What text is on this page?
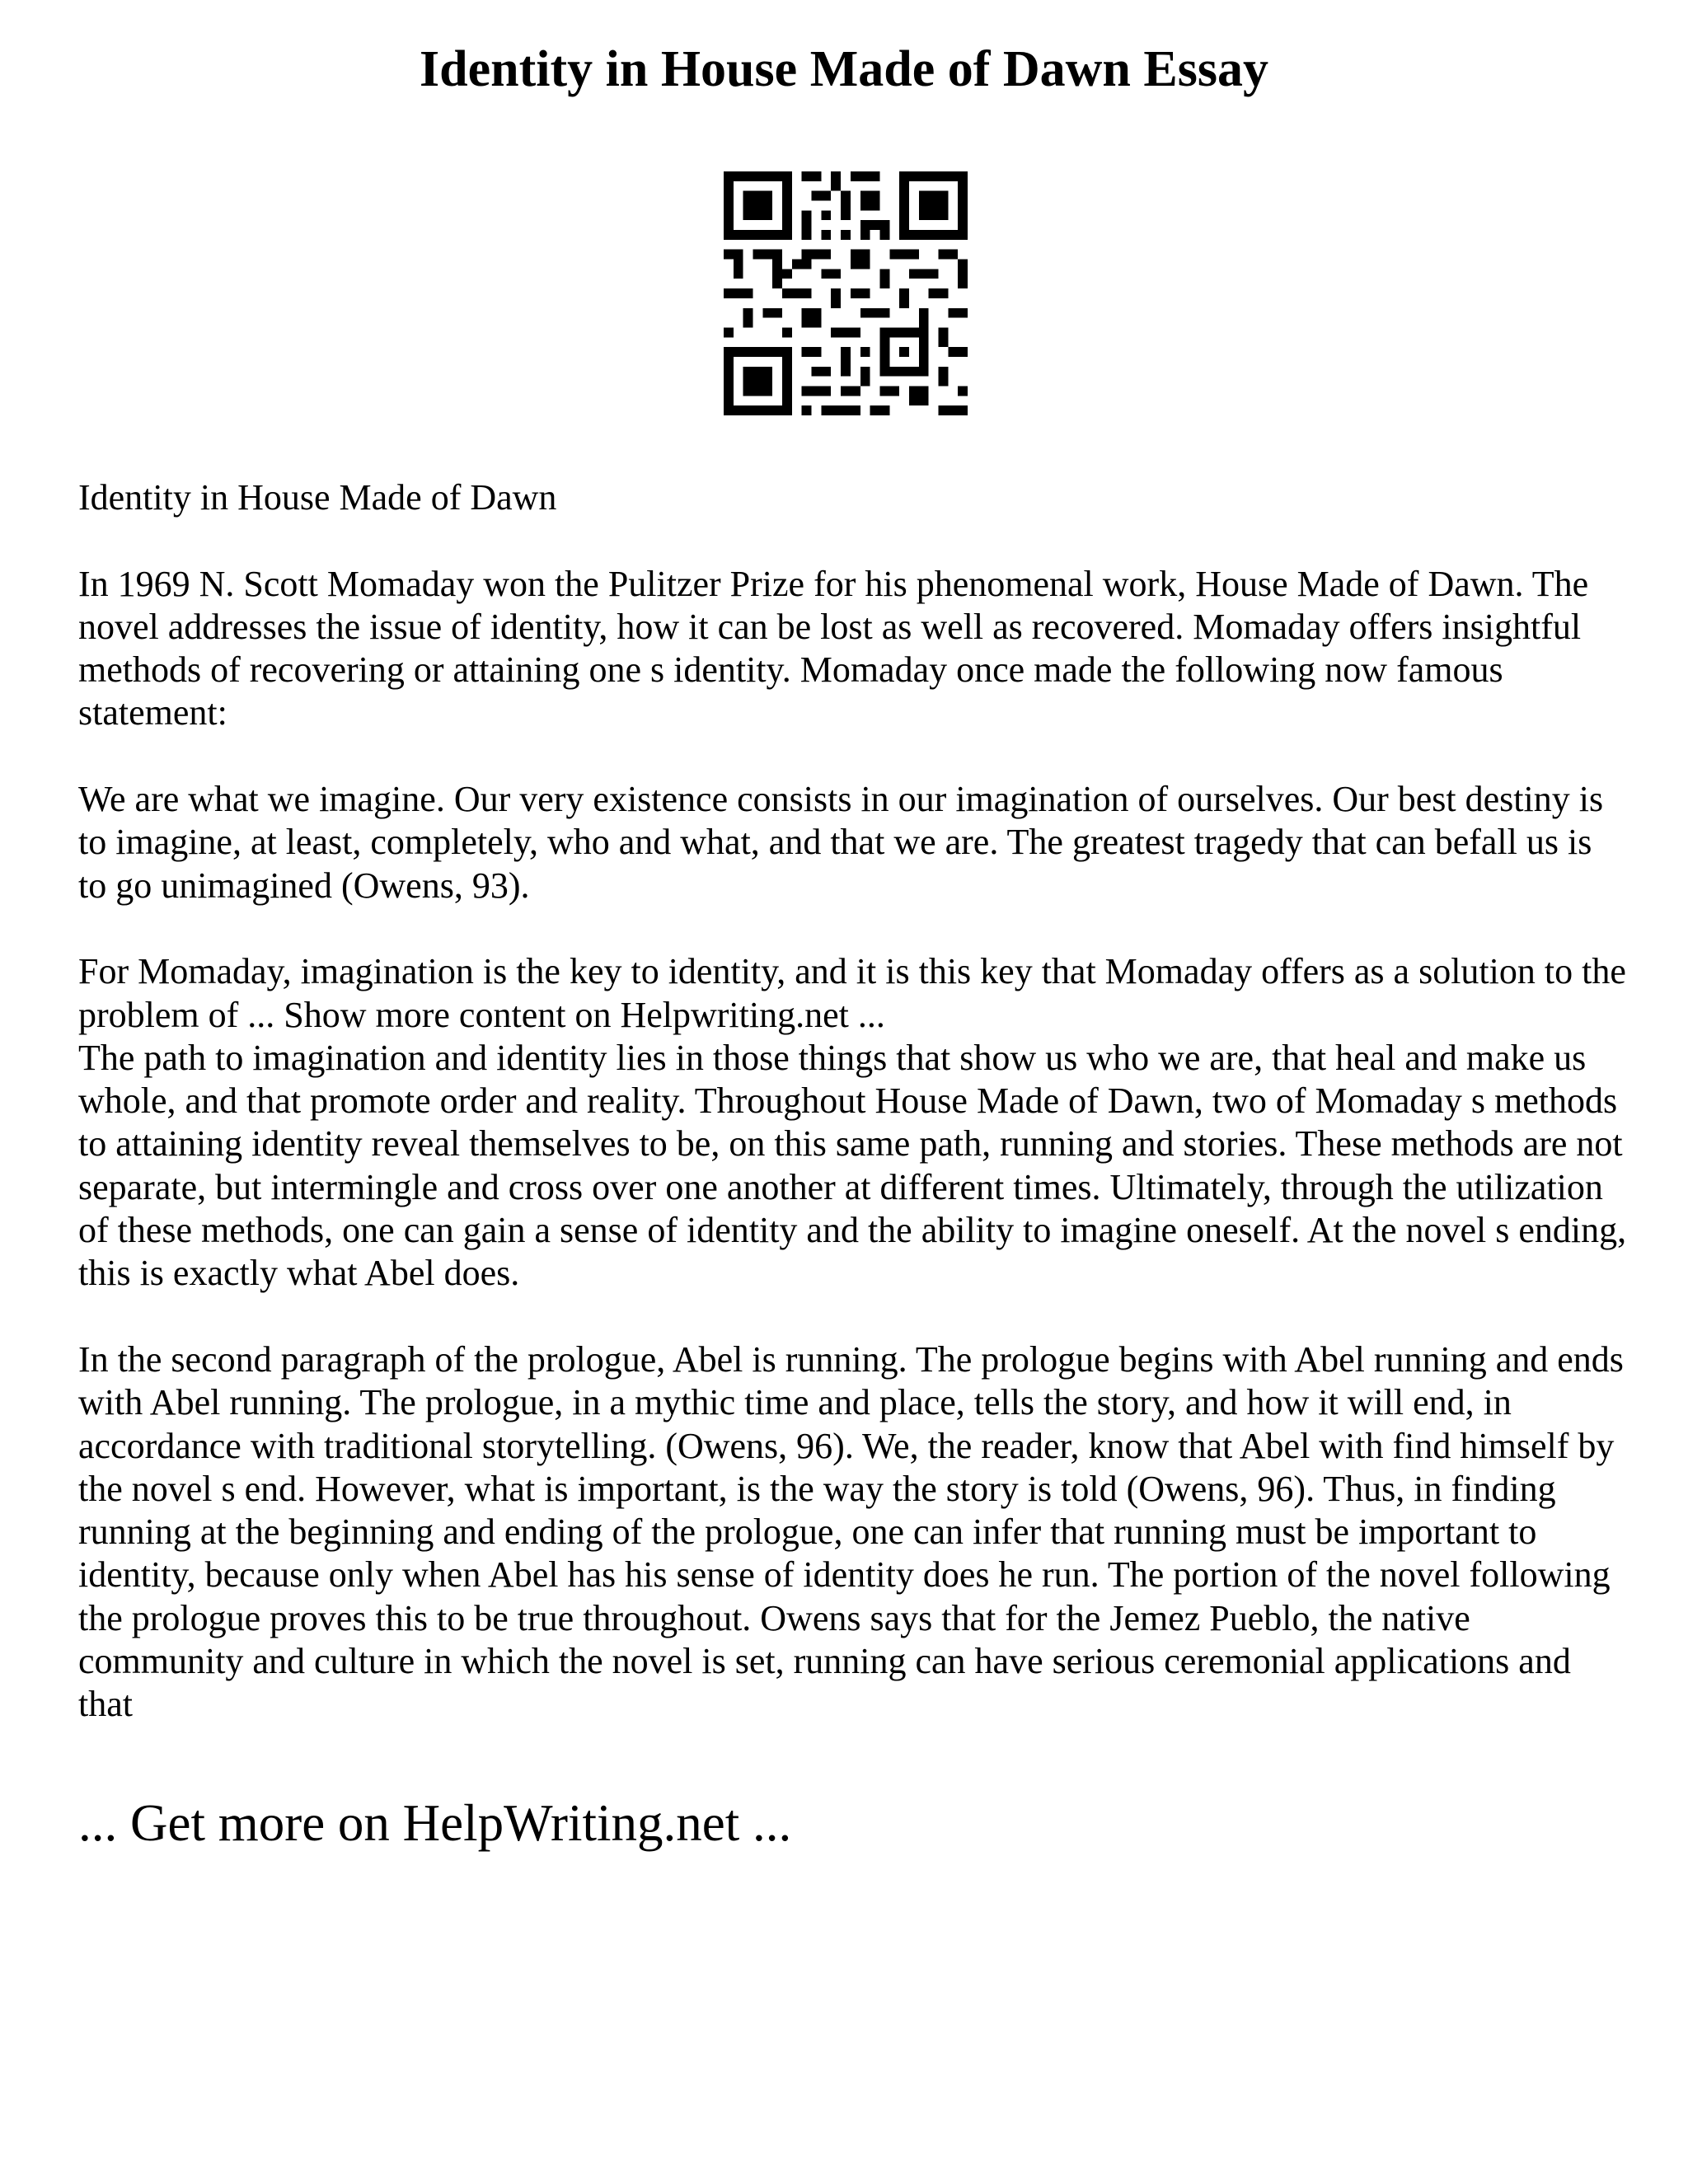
Identity in House Made of Dawn Essay

Identity in House Made of Dawn

In 1969 N. Scott Momaday won the Pulitzer Prize for his phenomenal work, House Made of Dawn. The novel addresses the issue of identity, how it can be lost as well as recovered. Momaday offers insightful methods of recovering or attaining one s identity. Momaday once made the following now famous statement:

We are what we imagine. Our very existence consists in our imagination of ourselves. Our best destiny is to imagine, at least, completely, who and what, and that we are. The greatest tragedy that can befall us is to go unimagined (Owens, 93).

For Momaday, imagination is the key to identity, and it is this key that Momaday offers as a solution to the problem of ... Show more content on Helpwriting.net ...

The path to imagination and identity lies in those things that show us who we are, that heal and make us whole, and that promote order and reality. Throughout House Made of Dawn, two of Momaday s methods to attaining identity reveal themselves to be, on this same path, running and stories. These methods are not separate, but intermingle and cross over one another at different times. Ultimately, through the utilization of these methods, one can gain a sense of identity and the ability to imagine oneself. At the novel s ending, this is exactly what Abel does.

In the second paragraph of the prologue, Abel is running. The prologue begins with Abel running and ends with Abel running. The prologue, in a mythic time and place, tells the story, and how it will end, in accordance with traditional storytelling. (Owens, 96). We, the reader, know that Abel with find himself by the novel s end. However, what is important, is the way the story is told (Owens, 96). Thus, in finding running at the beginning and ending of the prologue, one can infer that running must be important to identity, because only when Abel has his sense of identity does he run. The portion of the novel following the prologue proves this to be true throughout. Owens says that for the Jemez Pueblo, the native community and culture in which the novel is set, running can have serious ceremonial applications and that

... Get more on HelpWriting.net ...
